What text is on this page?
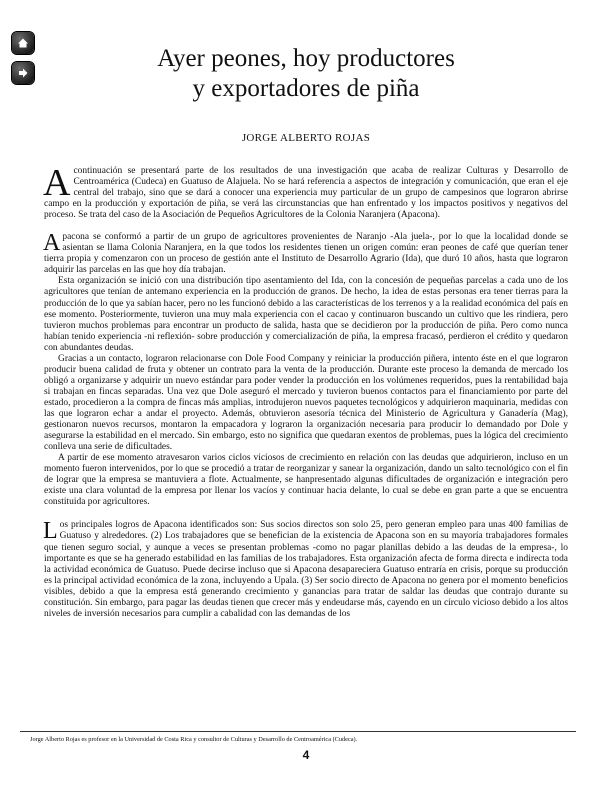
Ayer peones, hoy productores
y exportadores de piña
JORGE ALBERTO ROJAS

Acontinuación se presentará parte de los resultados de una investigación que acaba de realizar Culturas y Desarrollo de Centroamérica (Cudeca) en Guatuso de Alajuela. No se hará referencia a aspectos de integración y comunicación, que eran el eje central del trabajo, sino que se dará a conocer una experiencia muy particular de un grupo de campesinos que lograron abrirse campo en la producción y exportación de piña, se verá las circunstancias que han enfrentado y los impactos positivos y negativos del proceso. Se trata del caso de la Asociación de Pequeños Agricultores de la Colonia Naranjera (Apacona).

Apacona se conformó a partir de un grupo de agricultores provenientes de Naranjo -Ala juela-, por lo que la localidad donde se asientan se llama Colonia Naranjera, en la que todos los residentes tienen un origen común: eran peones de café que querían tener tierra propia y comenzaron con un proceso de gestión ante el Instituto de Desarrollo Agrario (Ida), que duró 10 años, hasta que lograron adquirir las parcelas en las que hoy día trabajan.

Esta organización se inició con una distribución tipo asentamiento del Ida, con la concesión de pequeñas parcelas a cada uno de los agricultores que tenían de antemano experiencia en la producción de granos. De hecho, la idea de estas personas era tener tierras para la producción de lo que ya sabían hacer, pero no les funcionó debido a las características de los terrenos y a la realidad económica del país en ese momento. Posteriormente, tuvieron una muy mala experiencia con el cacao y continuaron buscando un cultivo que les rindiera, pero tuvieron muchos problemas para encontrar un producto de salida, hasta que se decidieron por la producción de piña. Pero como nunca habían tenido experiencia -ni reflexión- sobre producción y comercialización de piña, la empresa fracasó, perdieron el crédito y quedaron con abundantes deudas.

Gracias a un contacto, lograron relacionarse con Dole Food Company y reiniciar la producción piñera, intento éste en el que lograron producir buena calidad de fruta y obtener un contrato para la venta de la producción. Durante este proceso la demanda de mercado los obligó a organizarse y adquirir un nuevo estándar para poder vender la producción en los volúmenes requeridos, pues la rentabilidad baja si trabajan en fincas separadas. Una vez que Dole aseguró el mercado y tuvieron buenos contactos para el financiamiento por parte del estado, procedieron a la compra de fincas más amplias, introdujeron nuevos paquetes tecnológicos y adquirieron maquinaria, medidas con las que lograron echar a andar el proyecto. Además, obtuvieron asesoría técnica del Ministerio de Agricultura y Ganadería (Mag), gestionaron nuevos recursos, montaron la empacadora y lograron la organización necesaria para producir lo demandado por Dole y asegurarse la estabilidad en el mercado. Sin embargo, esto no significa que quedaran exentos de problemas, pues la lógica del crecimiento conlleva una serie de dificultades.

A partir de ese momento atravesaron varios ciclos viciosos de crecimiento en relación con las deudas que adquirieron, incluso en un momento fueron intervenidos, por lo que se procedió a tratar de reorganizar y sanear la organización, dando un salto tecnológico con el fin de lograr que la empresa se mantuviera a flote. Actualmente, se hanpresentado algunas dificultades de organización e integración pero existe una clara voluntad de la empresa por llenar los vacíos y continuar hacia delante, lo cual se debe en gran parte a que se encuentra constituida por agricultores.

Los principales logros de Apacona identificados son: Sus socios directos son solo 25, pero generan empleo para unas 400 familias de Guatuso y alrededores. (2) Los trabajadores que se benefician de la existencia de Apacona son en su mayoría trabajadores formales que tienen seguro social, y aunque a veces se presentan problemas -como no pagar planillas debido a las deudas de la empresa-, lo importante es que se ha generado estabilidad en las familias de los trabajadores. Esta organización afecta de forma directa e indirecta toda la actividad económica de Guatuso. Puede decirse incluso que si Apacona desapareciera Guatuso entraría en crisis, porque su producción es la principal actividad económica de la zona, incluyendo a Upala. (3) Ser socio directo de Apacona no genera por el momento beneficios visibles, debido a que la empresa está generando crecimiento y ganancias para tratar de saldar las deudas que contrajo durante su constitución. Sin embargo, para pagar las deudas tienen que crecer más y endeudarse más, cayendo en un círculo vicioso debido a los altos niveles de inversión necesarios para cumplir a cabalidad con las demandas de los

Jorge Alberto Rojas es profesor en la Universidad de Costa Rica y consultor de Culturas y Desarrollo de Centroamérica (Cudeca).
4
